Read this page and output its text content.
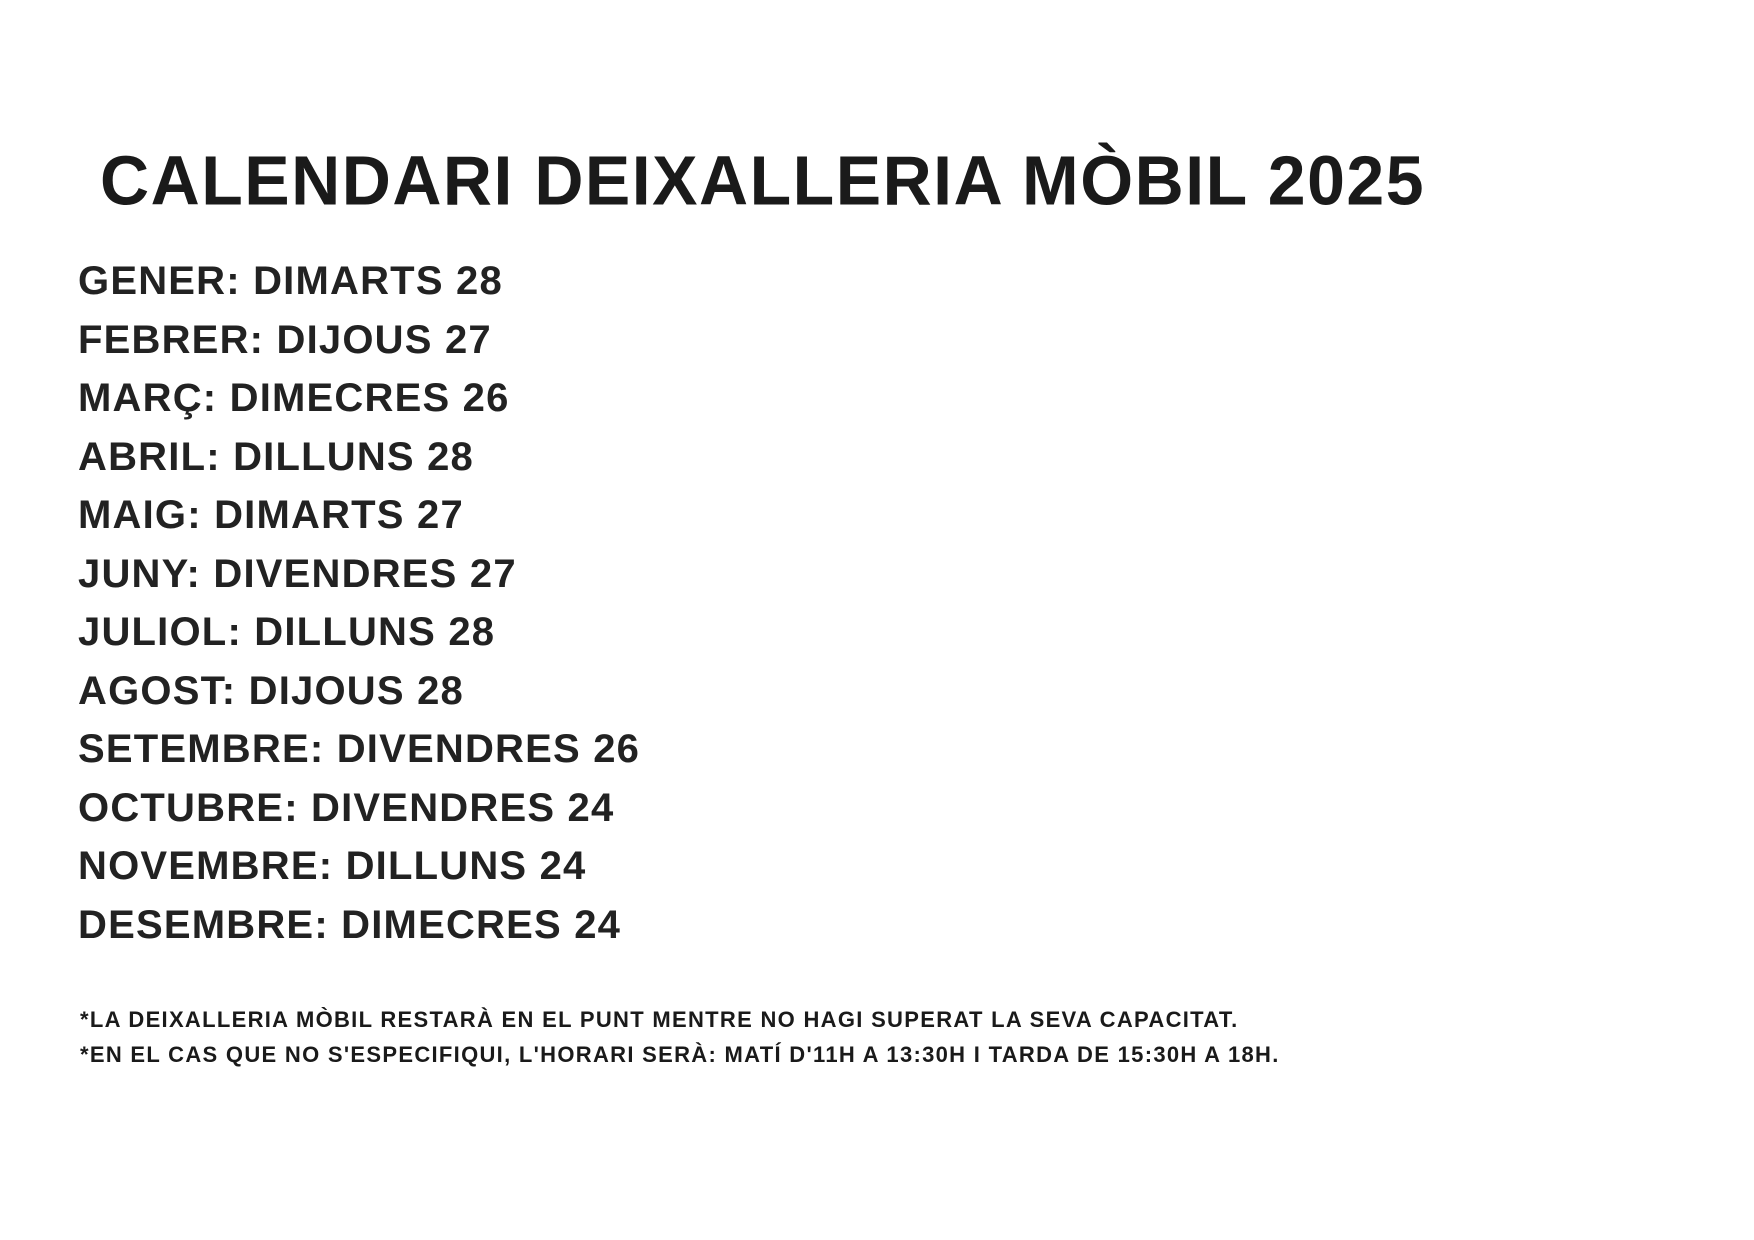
CALENDARI DEIXALLERIA MÒBIL 2025
GENER: DIMARTS 28
FEBRER: DIJOUS 27
MARÇ: DIMECRES 26
ABRIL: DILLUNS 28
MAIG: DIMARTS 27
JUNY: DIVENDRES 27
JULIOL: DILLUNS 28
AGOST: DIJOUS 28
SETEMBRE: DIVENDRES 26
OCTUBRE: DIVENDRES 24
NOVEMBRE: DILLUNS 24
DESEMBRE: DIMECRES 24
*LA DEIXALLERIA MÒBIL RESTARÀ EN EL PUNT MENTRE NO HAGI SUPERAT LA SEVA CAPACITAT.
*EN EL CAS QUE NO S'ESPECIFIQUI, L'HORARI SERÀ: MATÍ D'11H A 13:30H I TARDA DE 15:30H A 18H.
